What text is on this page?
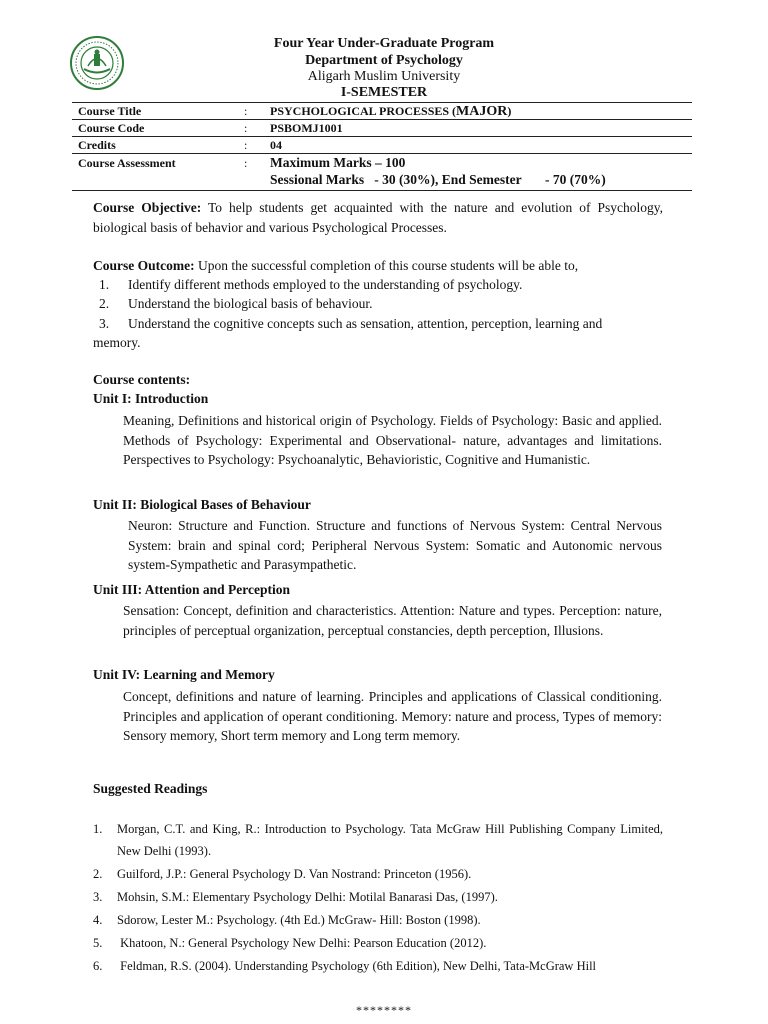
Four Year Under-Graduate Program
Department of Psychology
Aligarh Muslim University
I-SEMESTER
Course Title	: PSYCHOLOGICAL PROCESSES (MAJOR)
Course Code	: PSBOMJ1001
Credits	: 04
Course Assessment	: Maximum Marks – 100
Sessional Marks   - 30 (30%), End Semester       - 70 (70%)
Course Objective: To help students get acquainted with the nature and evolution of Psychology, biological basis of behavior and various Psychological Processes.
Course Outcome: Upon the successful completion of this course students will be able to,
1. Identify different methods employed to the understanding of psychology.
2. Understand the biological basis of behaviour.
3. Understand the cognitive concepts such as sensation, attention, perception, learning and
memory.
Course contents:
Unit I: Introduction
Meaning, Definitions and historical origin of Psychology. Fields of Psychology: Basic and applied. Methods of Psychology: Experimental and Observational- nature, advantages and limitations. Perspectives to Psychology: Psychoanalytic, Behavioristic, Cognitive and Humanistic.
Unit II: Biological Bases of Behaviour
Neuron: Structure and Function. Structure and functions of Nervous System: Central Nervous System: brain and spinal cord; Peripheral Nervous System: Somatic and Autonomic nervous system-Sympathetic and Parasympathetic.
Unit III: Attention and Perception
Sensation: Concept, definition and characteristics. Attention: Nature and types. Perception: nature, principles of perceptual organization, perceptual constancies, depth perception, Illusions.
Unit IV: Learning and Memory
Concept, definitions and nature of learning. Principles and applications of Classical conditioning. Principles and application of operant conditioning. Memory: nature and process, Types of memory: Sensory memory, Short term memory and Long term memory.
Suggested Readings
1. Morgan, C.T. and King, R.: Introduction to Psychology. Tata McGraw Hill Publishing Company Limited, New Delhi (1993).
2. Guilford, J.P.: General Psychology D. Van Nostrand: Princeton (1956).
3. Mohsin, S.M.: Elementary Psychology Delhi: Motilal Banarasi Das, (1997).
4. Sdorow, Lester M.: Psychology. (4th Ed.) McGraw- Hill: Boston (1998).
5. Khatoon, N.: General Psychology New Delhi: Pearson Education (2012).
6. Feldman, R.S. (2004). Understanding Psychology (6th Edition), New Delhi, Tata-McGraw Hill
********
